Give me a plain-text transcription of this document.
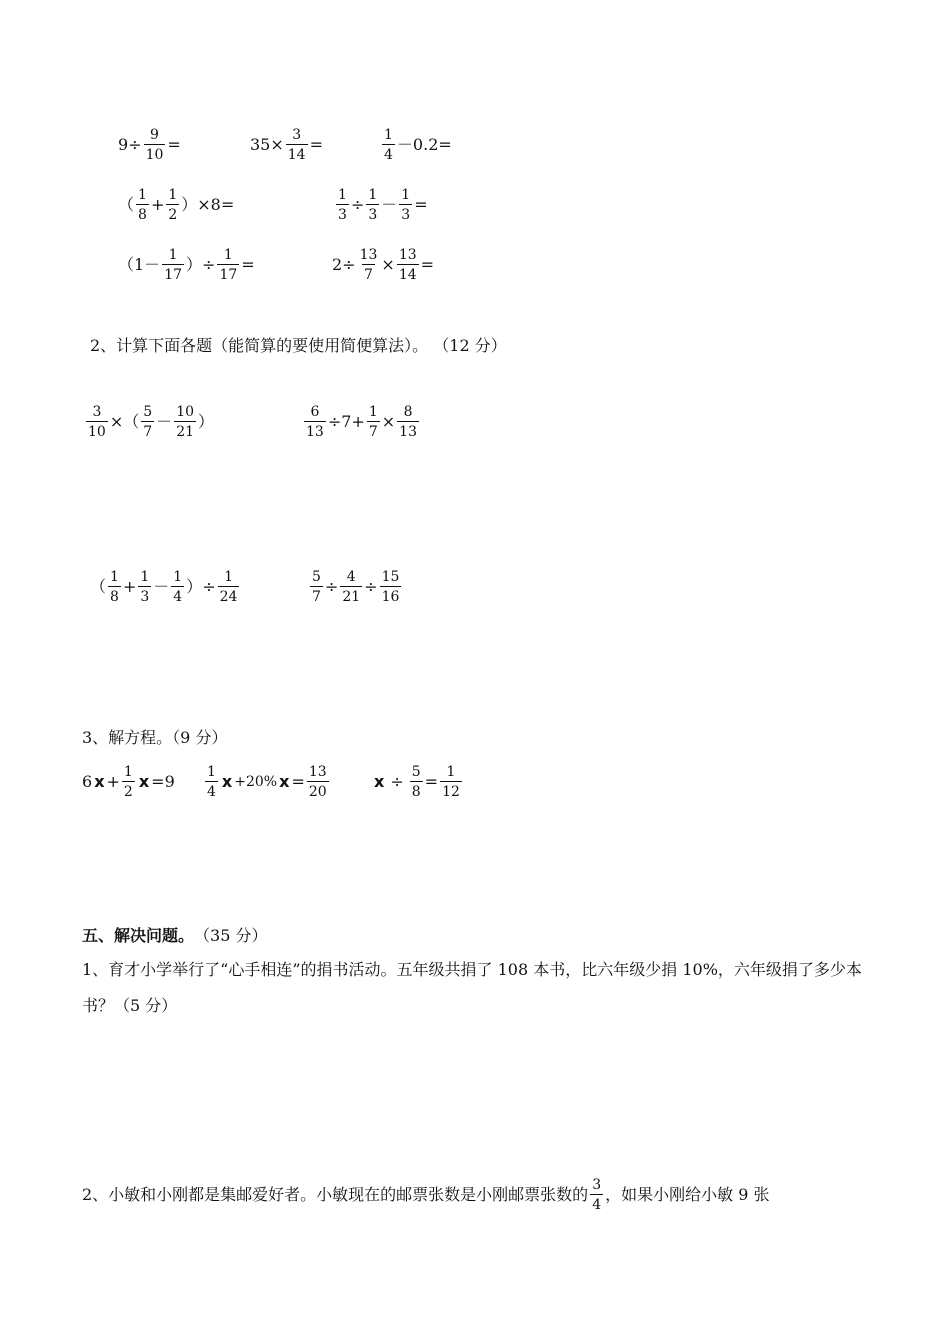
$9\div \frac{9}{10}$ =	$35\times \frac{3}{14}$ =	$\frac{1}{4} -0.2=$
（ $\frac{1}{8} + \frac{1}{2} )\times 8=$	$\frac{1}{3} \div \frac{1}{3} - \frac{1}{3}$ =
（$1- \frac{1}{17}$ ）÷ $\frac{1}{17}$ =	$2\div \frac{13}{7} \times \frac{13}{14}$ =
2、计算下面各题（能简算的要使用简便算法）。 （12 分）
$\frac{3}{10}$ ×（ $\frac{5}{7} - \frac{10}{21}$ ）	$\frac{6}{13} \div 7+ \frac{1}{7} \times \frac{8}{13}$
（ $\frac{1}{8} + \frac{1}{3} - \frac{1}{4}$ ）÷ $\frac{1}{24}$	$\frac{5}{7} \div \frac{4}{21} \div \frac{15}{16}$
3、解方程。（9 分）
6 $x + \frac{1}{2}$ $x =9 \frac{1}{4}$ x +20% $x = \frac{13}{20}$	$x \div \frac{5}{8} = \frac{1}{12}$
五、解决问题。 （35 分）
1、育才小学举行了“心手相连”的捐书活动。五年级共捐了 108 本书，比六年级少捐 10%，六年级捐了多少本书？（5 分）
2、小敏和小刚都是集邮爱好者。小敏现在的邮票张数是小刚邮票张数的 $\frac{3}{4}$ ，如果小刚给小敏 9 张
